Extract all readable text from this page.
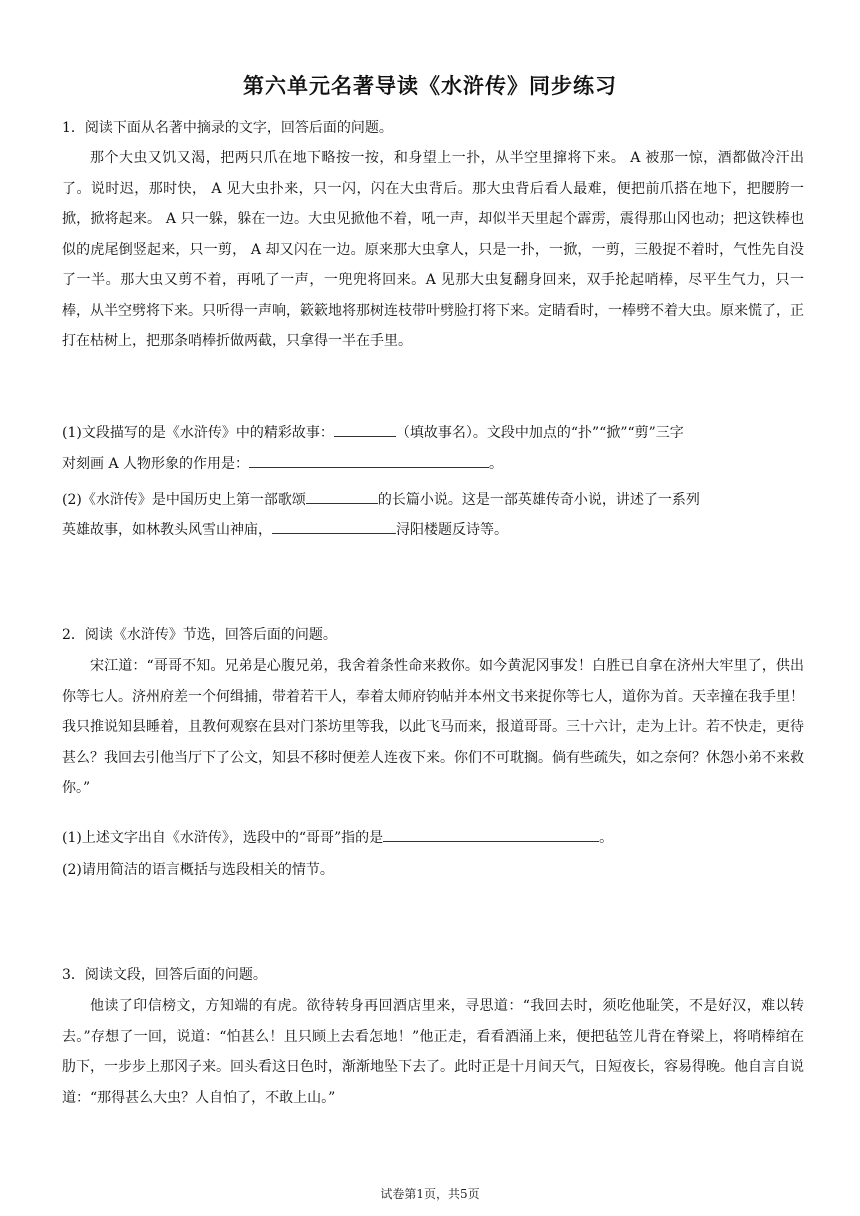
第六单元名著导读《水浒传》同步练习
1．阅读下面从名著中摘录的文字，回答后面的问题。
那个大虫又饥又渴，把两只爪在地下略按一按，和身望上一扑，从半空里撺将下来。 A 被那一惊，酒都做冷汗出了。说时迟，那时快， A 见大虫扑来，只一闪，闪在大虫背后。那大虫背后看人最难，便把前爪搭在地下，把腰胯一掀，掀将起来。 A 只一躲，躲在一边。大虫见掀他不着，吼一声，却似半天里起个霹雳，震得那山冈也动；把这铁棒也似的虎尾倒竖起来，只一剪， A 却又闪在一边。原来那大虫拿人，只是一扑，一掀，一剪，三般捉不着时，气性先自没了一半。那大虫又剪不着，再吼了一声，一兜兜将回来。A 见那大虫复翻身回来，双手抡起哨棒，尽平生气力，只一棒，从半空劈将下来。只听得一声响，簌簌地将那树连枝带叶劈脸打将下来。定睛看时，一棒劈不着大虫。原来慌了，正打在枯树上，把那条哨棒折做两截，只拿得一半在手里。
(1)文段描写的是《水浒传》中的精彩故事：	（填故事名）。文段中加点的“扑”“掀”“剪”三字
对刻画 A 人物形象的作用是：	。
(2)《水浒传》是中国历史上第一部歌颂	的长篇小说。这是一部英雄传奇小说，讲述了一系列
英雄故事，如林教头风雪山神庙，	浔阳楼题反诗等。
2．阅读《水浒传》节选，回答后面的问题。
宋江道：“哥哥不知。兄弟是心腹兄弟，我舍着条性命来救你。如今黄泥冈事发！白胜已自拿在济州大牢里了，供出你等七人。济州府差一个何缉捕，带着若干人，奉着太师府钧帖并本州文书来捉你等七人，道你为首。天幸撞在我手里！我只推说知县睡着，且教何观察在县对门茶坊里等我，以此飞马而来，报道哥哥。三十六计，走为上计。若不快走，更待甚么？我回去引他当厅下了公文，知县不移时便差人连夜下来。你们不可耽搁。倘有些疏失，如之奈何？休怨小弟不来救你。”
(1)上述文字出自《水浒传》，选段中的“哥哥”指的是	。
(2)请用简洁的语言概括与选段相关的情节。
3．阅读文段，回答后面的问题。
他读了印信榜文，方知端的有虎。欲待转身再回酒店里来，寻思道：“我回去时，须吃他耻笑，不是好汉，难以转去。”存想了一回，说道：“怕甚么！且只顾上去看怎地！”他正走，看看酒涌上来，便把毡笠儿背在脊梁上，将哨棒绾在肋下，一步步上那冈子来。回头看这日色时，渐渐地坠下去了。此时正是十月间天气，日短夜长，容易得晚。他自言自说道：“那得甚么大虫？人自怕了，不敢上山。”
试卷第1页，共5页
